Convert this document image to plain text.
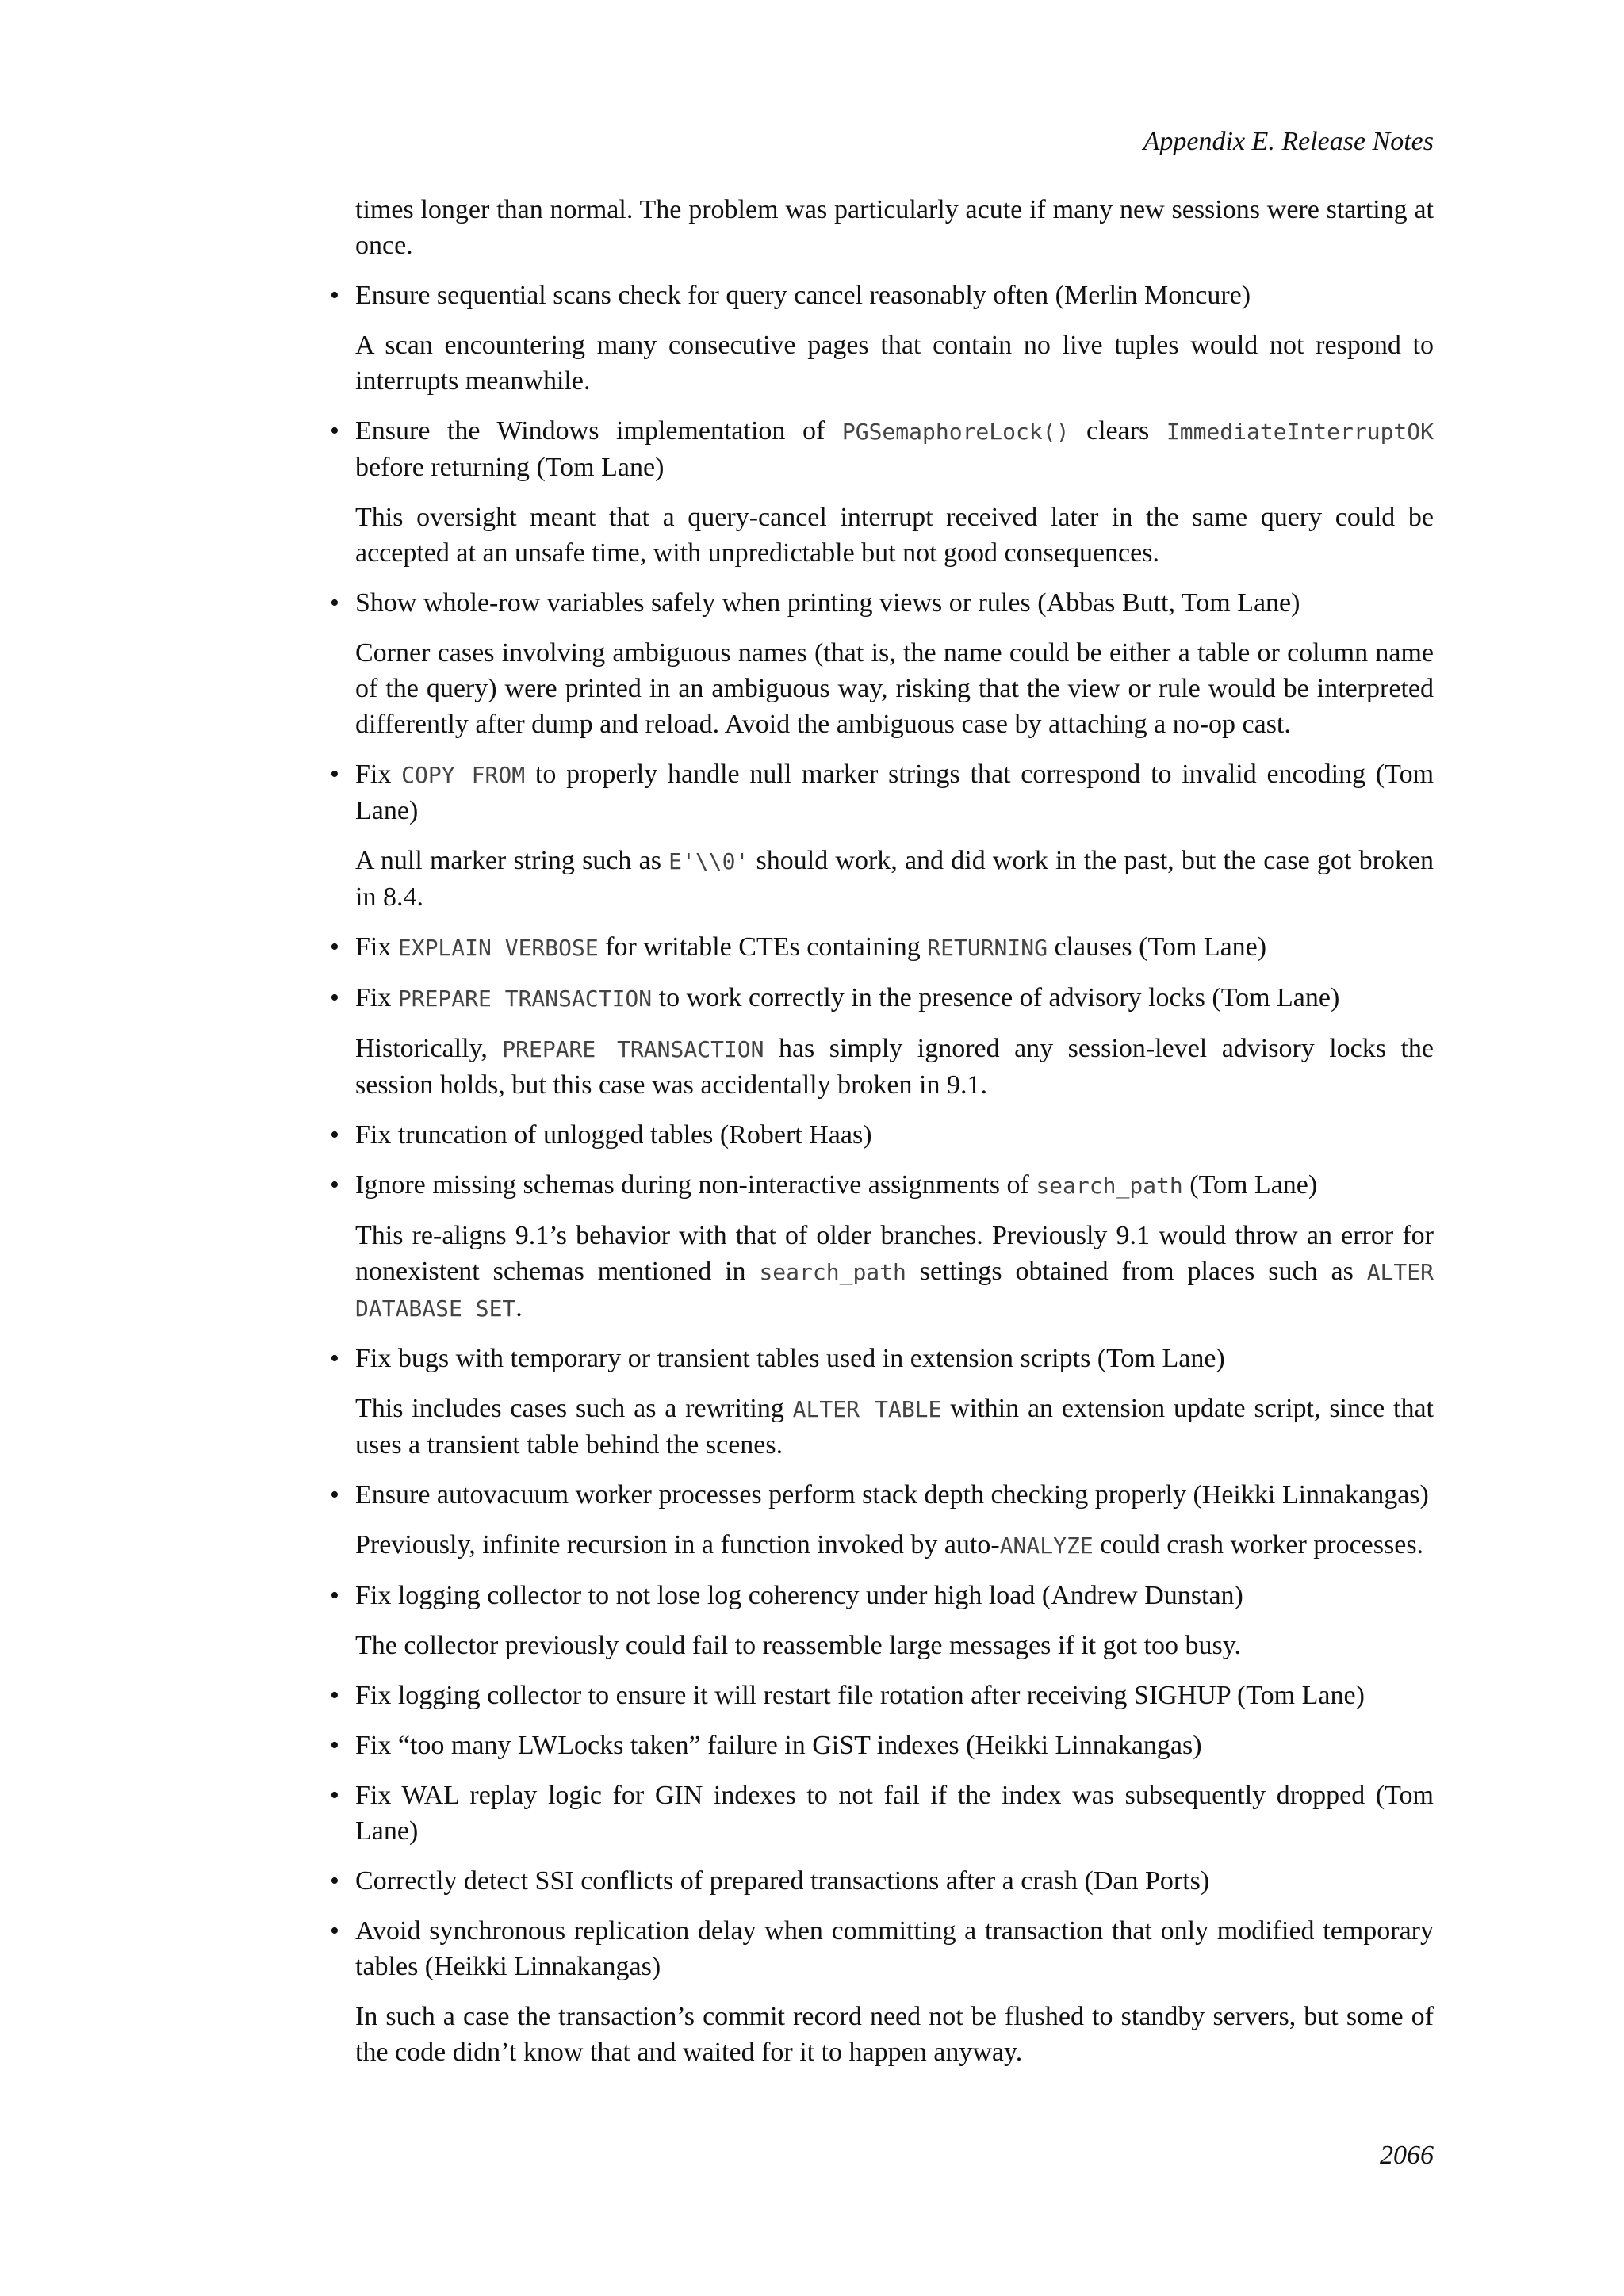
Appendix E. Release Notes

times longer than normal. The problem was particularly acute if many new sessions were starting at once.

• Ensure sequential scans check for query cancel reasonably often (Merlin Moncure)

A scan encountering many consecutive pages that contain no live tuples would not respond to interrupts meanwhile.

• Ensure the Windows implementation of PGSemaphoreLock() clears ImmediateInterruptOK before returning (Tom Lane)

This oversight meant that a query-cancel interrupt received later in the same query could be accepted at an unsafe time, with unpredictable but not good consequences.

• Show whole-row variables safely when printing views or rules (Abbas Butt, Tom Lane)

Corner cases involving ambiguous names (that is, the name could be either a table or column name of the query) were printed in an ambiguous way, risking that the view or rule would be interpreted differently after dump and reload. Avoid the ambiguous case by attaching a no-op cast.

• Fix COPY FROM to properly handle null marker strings that correspond to invalid encoding (Tom Lane)

A null marker string such as E'\\0' should work, and did work in the past, but the case got broken in 8.4.

• Fix EXPLAIN VERBOSE for writable CTEs containing RETURNING clauses (Tom Lane)
• Fix PREPARE TRANSACTION to work correctly in the presence of advisory locks (Tom Lane)

Historically, PREPARE TRANSACTION has simply ignored any session-level advisory locks the session holds, but this case was accidentally broken in 9.1.

• Fix truncation of unlogged tables (Robert Haas)
• Ignore missing schemas during non-interactive assignments of search_path (Tom Lane)

This re-aligns 9.1’s behavior with that of older branches. Previously 9.1 would throw an error for nonexistent schemas mentioned in search_path settings obtained from places such as ALTER DATABASE SET.

• Fix bugs with temporary or transient tables used in extension scripts (Tom Lane)

This includes cases such as a rewriting ALTER TABLE within an extension update script, since that uses a transient table behind the scenes.

• Ensure autovacuum worker processes perform stack depth checking properly (Heikki Linnakangas)

Previously, infinite recursion in a function invoked by auto-ANALYZE could crash worker processes.

• Fix logging collector to not lose log coherency under high load (Andrew Dunstan)

The collector previously could fail to reassemble large messages if it got too busy.

• Fix logging collector to ensure it will restart file rotation after receiving SIGHUP (Tom Lane)
• Fix “too many LWLocks taken” failure in GiST indexes (Heikki Linnakangas)
• Fix WAL replay logic for GIN indexes to not fail if the index was subsequently dropped (Tom Lane)
• Correctly detect SSI conflicts of prepared transactions after a crash (Dan Ports)
• Avoid synchronous replication delay when committing a transaction that only modified temporary tables (Heikki Linnakangas)

In such a case the transaction’s commit record need not be flushed to standby servers, but some of the code didn’t know that and waited for it to happen anyway.

2066
